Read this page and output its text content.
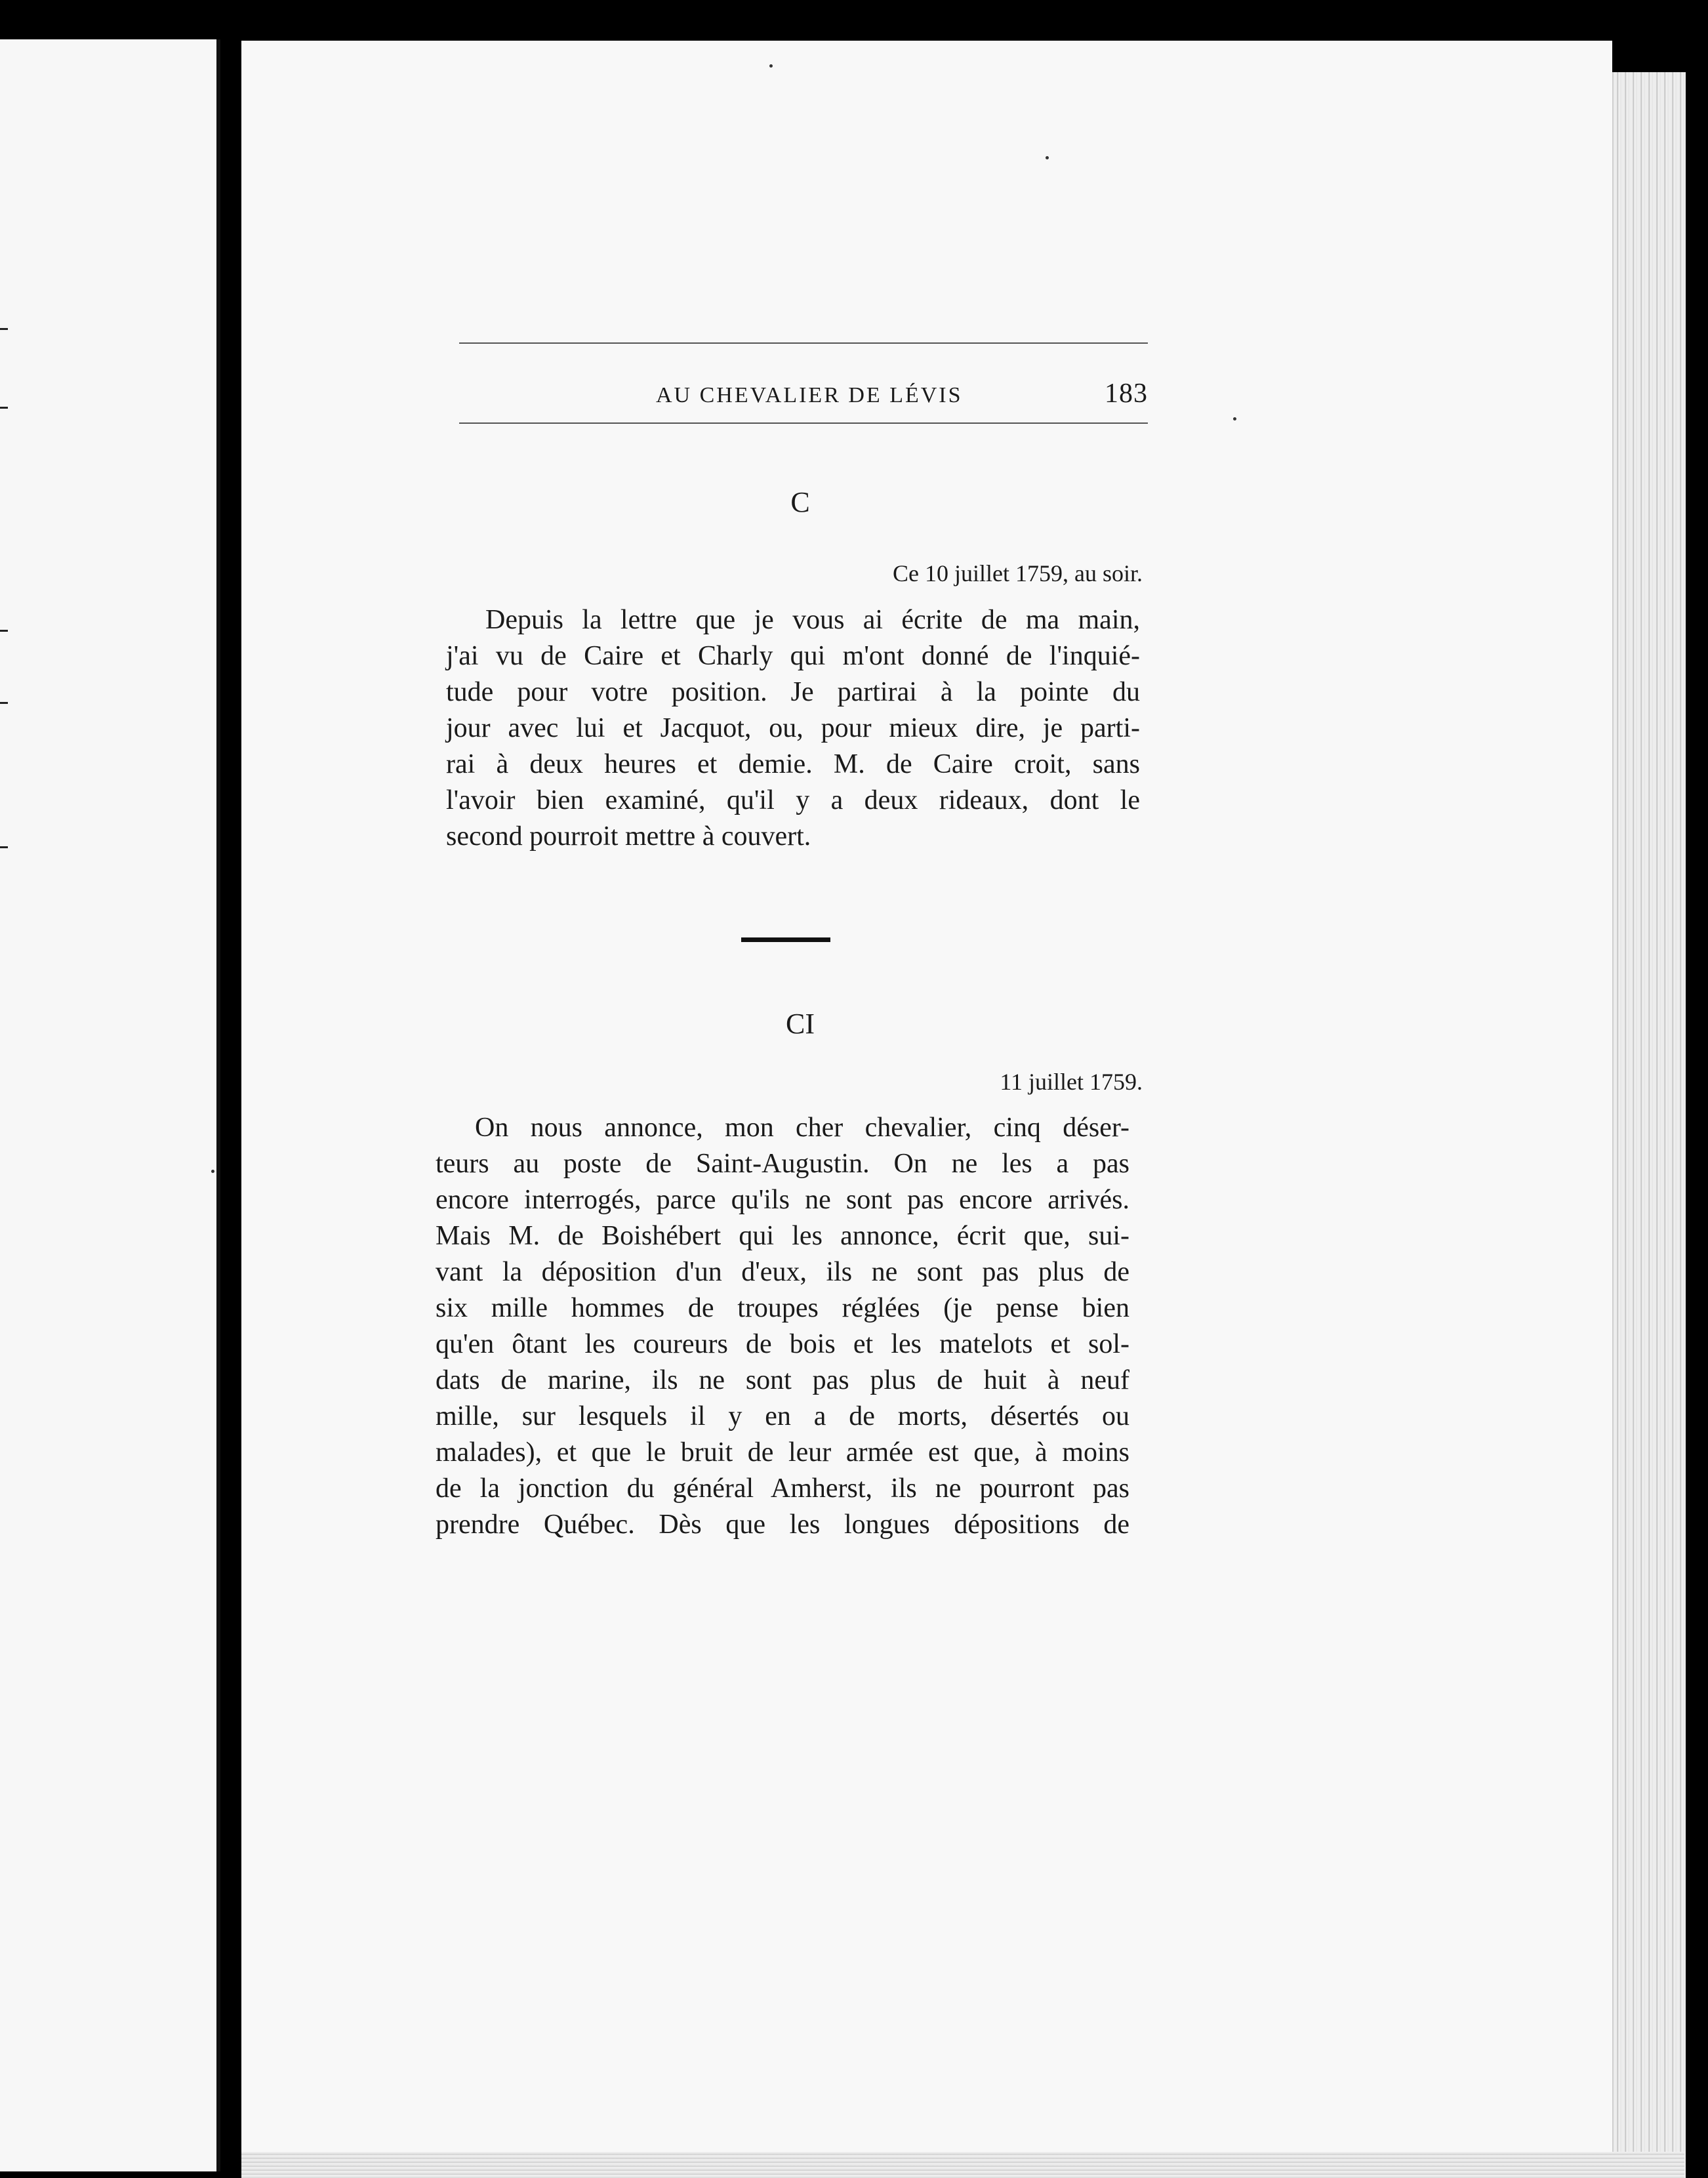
AU CHEVALIER DE LÉVIS	183
C
Ce 10 juillet 1759, au soir.
Depuis la lettre que je vous ai écrite de ma main,
j'ai vu de Caire et Charly qui m'ont donné de l'inquié-
tude pour votre position. Je partirai à la pointe du
jour avec lui et Jacquot, ou, pour mieux dire, je parti-
rai à deux heures et demie. M. de Caire croit, sans
l'avoir bien examiné, qu'il y a deux rideaux, dont le
second pourroit mettre à couvert.
CI
11 juillet 1759.
On nous annonce, mon cher chevalier, cinq déser-
teurs au poste de Saint-Augustin. On ne les a pas
encore interrogés, parce qu'ils ne sont pas encore arrivés.
Mais M. de Boishébert qui les annonce, écrit que, sui-
vant la déposition d'un d'eux, ils ne sont pas plus de
six mille hommes de troupes réglées (je pense bien
qu'en ôtant les coureurs de bois et les matelots et sol-
dats de marine, ils ne sont pas plus de huit à neuf
mille, sur lesquels il y en a de morts, désertés ou
malades), et que le bruit de leur armée est que, à moins
de la jonction du général Amherst, ils ne pourront pas
prendre Québec. Dès que les longues dépositions de
